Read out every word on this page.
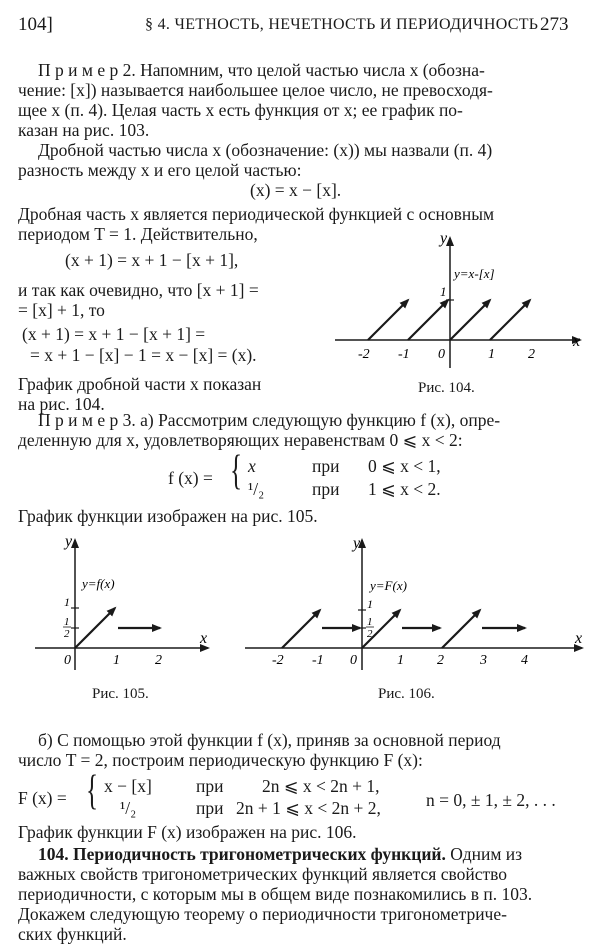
104]	§ 4. ЧЕТНОСТЬ, НЕЧЕТНОСТЬ И ПЕРИОДИЧНОСТЬ 273
П р и м е р 2. Напомним, что целой частью числа x (обозна-
чение: [x]) называется наибольшее целое число, не превосходя-
щее x (п. 4). Целая часть x есть функция от x; ее график по-
казан на рис. 103.
Дробной частью числа x (обозначение: (x)) мы назвали (п. 4)
разность между x и его целой частью:
(x) = x − [x].
Дробная часть x является периодической функцией с основным
периодом T = 1. Действительно,
(x + 1) = x + 1 − [x + 1],
и так как очевидно, что [x + 1] =
= [x] + 1, то
(x + 1) = x + 1 − [x + 1] =
= x + 1 − [x] − 1 = x − [x] = (x).
График дробной части x показан
на рис. 104.
y
x
y=x-[x]
1
-2 -1 0	1 2
Рис. 104.
П р и м е р 3. а) Рассмотрим следующую функцию f (x), опре-
деленную для x, удовлетворяющих неравенствам 0 ⩽ x < 2:
f (x) = { x	при 0 ⩽ x < 1,
¹/₂	при 1 ⩽ x < 2.
График функции изображен на рис. 105.
y
x
y=f(x)
1
1
2
0	1	2
Рис. 105.
y
x
y=F(x)
1
1
2
-2 -1 0	1 2	3 4
Рис. 106.
б) С помощью этой функции f (x), приняв за основной период
число T = 2, построим периодическую функцию F (x):
F (x) = { x − [x]	при 2n ⩽ x < 2n + 1,
¹/₂	при 2n + 1 ⩽ x < 2n + 2,	n = 0, ± 1, ± 2, . . .
График функции F (x) изображен на рис. 106.
104. Периодичность тригонометрических функций. Одним из
важных свойств тригонометрических функций является свойство
периодичности, с которым мы в общем виде познакомились в п. 103.
Докажем следующую теорему о периодичности тригонометриче-
ских функций.
